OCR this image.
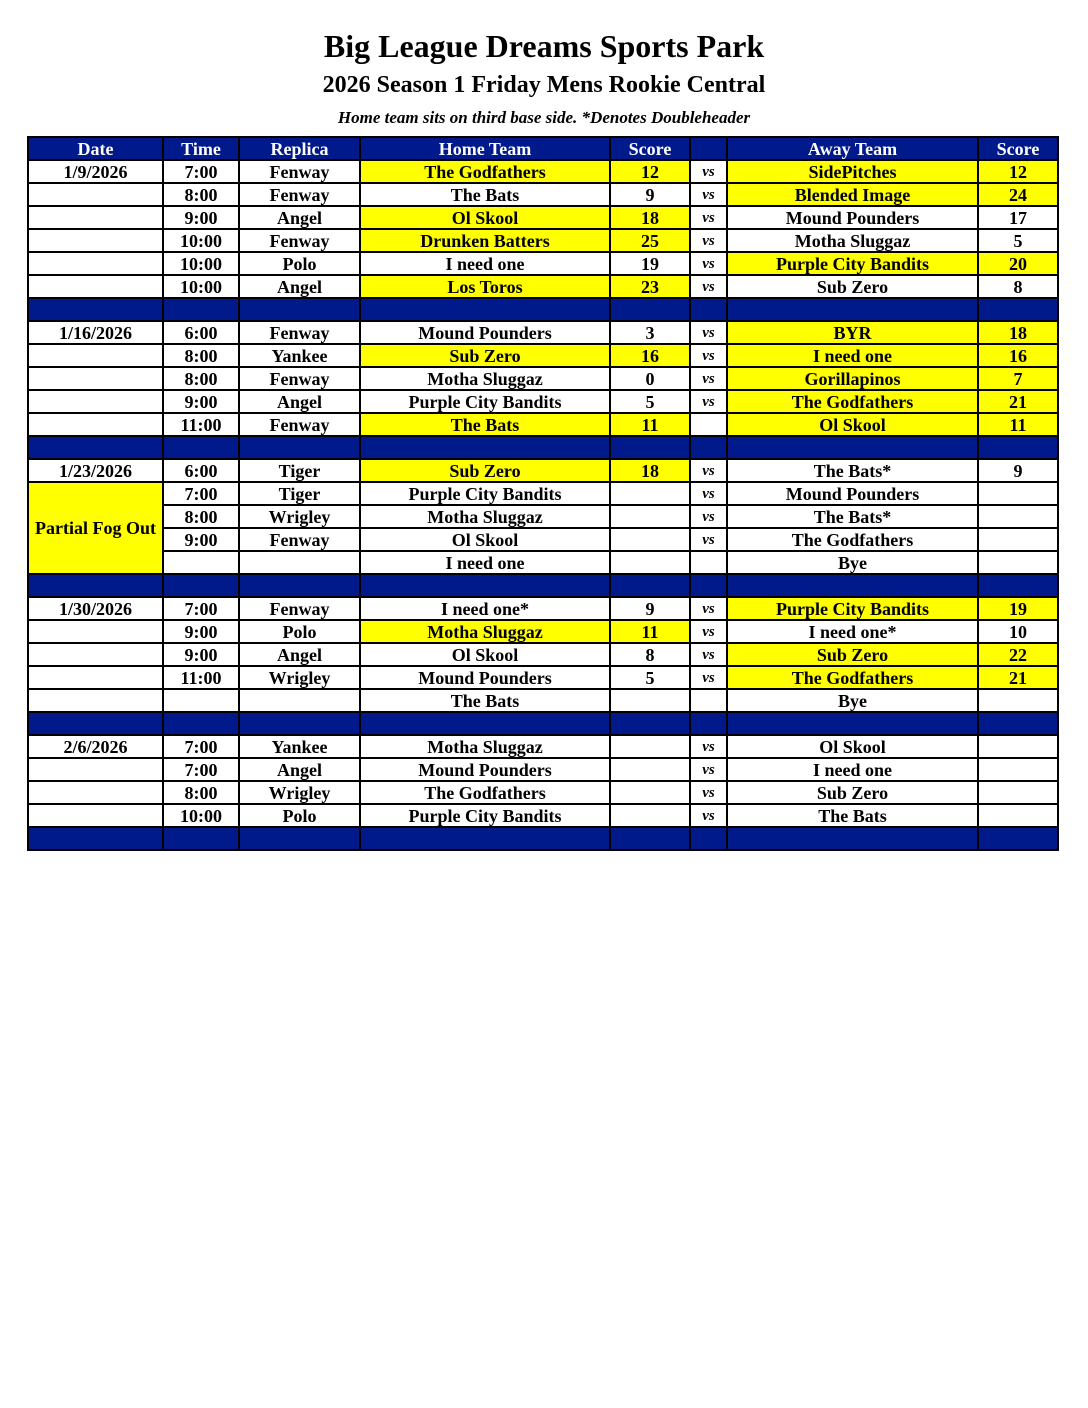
Big League Dreams Sports Park
2026 Season 1 Friday Mens Rookie Central
Home team sits on third base side. *Denotes Doubleheader
Date	Time	Replica	Home Team	Score		Away Team	Score
1/9/2026	7:00	Fenway	The Godfathers	12	vs	SidePitches	12
	8:00	Fenway	The Bats	9	vs	Blended Image	24
	9:00	Angel	Ol Skool	18	vs	Mound Pounders	17
	10:00	Fenway	Drunken Batters	25	vs	Motha Sluggaz	5
	10:00	Polo	I need one	19	vs	Purple City Bandits	20
	10:00	Angel	Los Toros	23	vs	Sub Zero	8

1/16/2026	6:00	Fenway	Mound Pounders	3	vs	BYR	18
	8:00	Yankee	Sub Zero	16	vs	I need one	16
	8:00	Fenway	Motha Sluggaz	0	vs	Gorillapinos	7
	9:00	Angel	Purple City Bandits	5	vs	The Godfathers	21
	11:00	Fenway	The Bats	11		Ol Skool	11

1/23/2026	6:00	Tiger	Sub Zero	18	vs	The Bats*	9
Partial Fog Out	7:00	Tiger	Purple City Bandits		vs	Mound Pounders	
	8:00	Wrigley	Motha Sluggaz		vs	The Bats*	
	9:00	Fenway	Ol Skool		vs	The Godfathers	
			I need one			Bye	

1/30/2026	7:00	Fenway	I need one*	9	vs	Purple City Bandits	19
	9:00	Polo	Motha Sluggaz	11	vs	I need one*	10
	9:00	Angel	Ol Skool	8	vs	Sub Zero	22
	11:00	Wrigley	Mound Pounders	5	vs	The Godfathers	21
			The Bats			Bye	

2/6/2026	7:00	Yankee	Motha Sluggaz		vs	Ol Skool	
	7:00	Angel	Mound Pounders		vs	I need one	
	8:00	Wrigley	The Godfathers		vs	Sub Zero	
	10:00	Polo	Purple City Bandits		vs	The Bats	
